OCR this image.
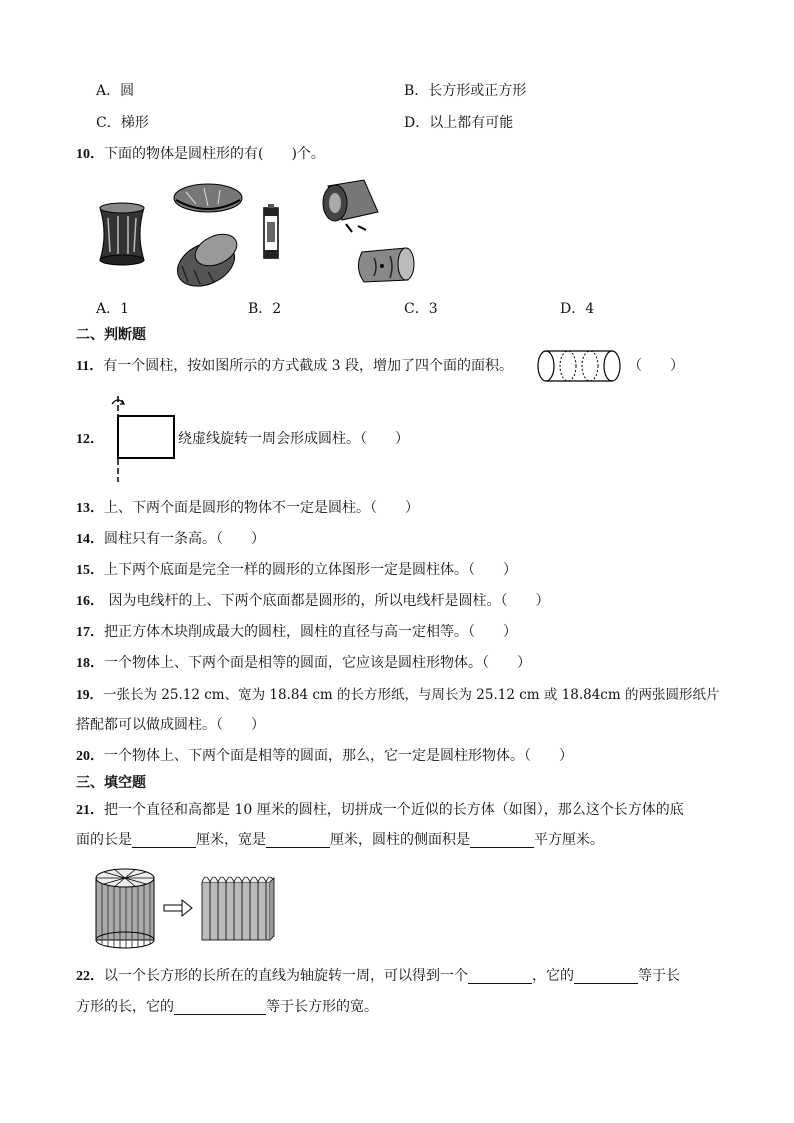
A．圆	B．长方形或正方形
C．梯形	D．以上都有可能
10．下面的物体是圆柱形的有(　　)个。
A．1	B．2	C．3	D．4
二、判断题
11．有一个圆柱，按如图所示的方式截成 3 段，增加了四个面的面积。	（　　）
12．	绕虚线旋转一周会形成圆柱。（　　）
13．上、下两个面是圆形的物体不一定是圆柱。（　　）
14．圆柱只有一条高。（　　）
15．上下两个底面是完全一样的圆形的立体图形一定是圆柱体。（　　）
16． 因为电线杆的上、下两个底面都是圆形的，所以电线杆是圆柱。（　　）
17．把正方体木块削成最大的圆柱，圆柱的直径与高一定相等。（　　）
18．一个物体上、下两个面是相等的圆面，它应该是圆柱形物体。（　　）
19．一张长为 25.12 cm、宽为 18.84 cm 的长方形纸，与周长为 25.12 cm 或 18.84cm 的两张圆形纸片
搭配都可以做成圆柱。（　　）
20．一个物体上、下两个面是相等的圆面，那么，它一定是圆柱形物体。（　　）
三、填空题
21．把一个直径和高都是 10 厘米的圆柱，切拼成一个近似的长方体（如图），那么这个长方体的底
面的长是	厘米，宽是	厘米，圆柱的侧面积是	平方厘米。
22．以一个长方形的长所在的直线为轴旋转一周，可以得到一个	，它的	等于长
方形的长，它的	等于长方形的宽。
